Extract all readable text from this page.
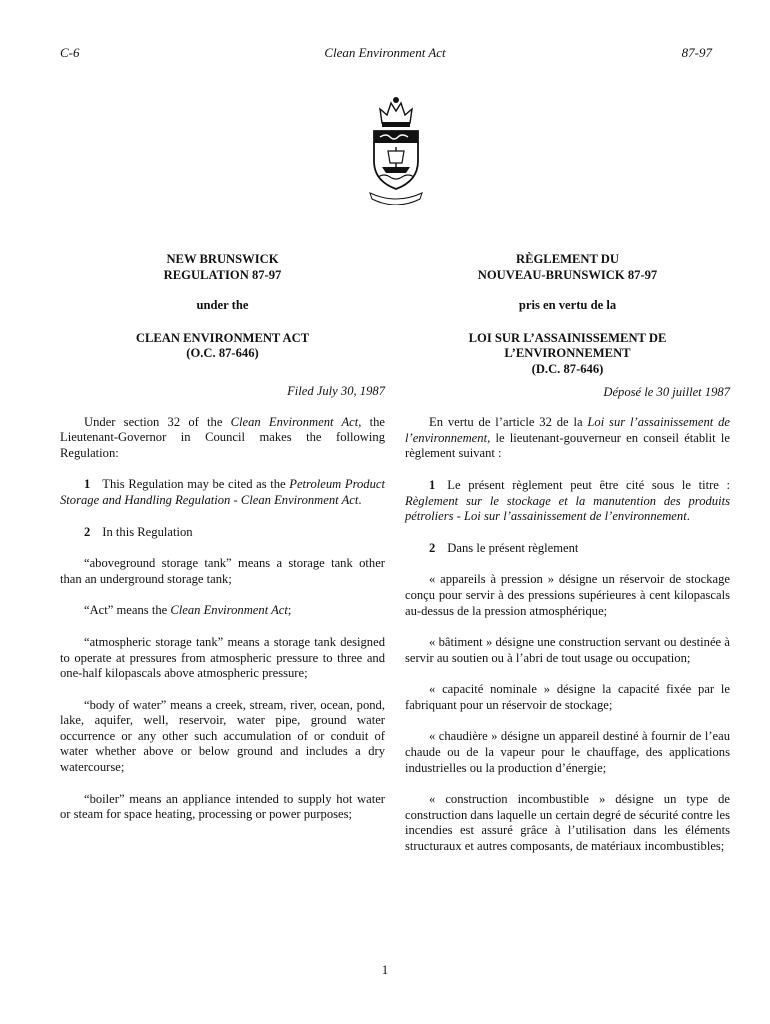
C-6	Clean Environment Act	87-97
NEW BRUNSWICK
REGULATION 87-97
under the
CLEAN ENVIRONMENT ACT
(O.C. 87-646)
Filed July 30, 1987

Under section 32 of the Clean Environment Act, the Lieutenant-Governor in Council makes the following Regulation:

1 This Regulation may be cited as the Petroleum Product Storage and Handling Regulation - Clean Environment Act.

2 In this Regulation

“aboveground storage tank” means a storage tank other than an underground storage tank;

“Act” means the Clean Environment Act;

“atmospheric storage tank” means a storage tank designed to operate at pressures from atmospheric pressure to three and one-half kilopascals above atmospheric pressure;

“body of water” means a creek, stream, river, ocean, pond, lake, aquifer, well, reservoir, water pipe, ground water occurrence or any other such accumulation of or conduit of water whether above or below ground and includes a dry watercourse;

“boiler” means an appliance intended to supply hot water or steam for space heating, processing or power purposes;

RÈGLEMENT DU
NOUVEAU-BRUNSWICK 87-97
pris en vertu de la
LOI SUR L’ASSAINISSEMENT DE
L’ENVIRONNEMENT
(D.C. 87-646)
Déposé le 30 juillet 1987

En vertu de l’article 32 de la Loi sur l’assainissement de l’environnement, le lieutenant-gouverneur en conseil établit le règlement suivant :

1 Le présent règlement peut être cité sous le titre : Règlement sur le stockage et la manutention des produits pétroliers - Loi sur l’assainissement de l’environnement.

2 Dans le présent règlement

« appareils à pression » désigne un réservoir de stockage conçu pour servir à des pressions supérieures à cent kilopascals au-dessus de la pression atmosphérique;

« bâtiment » désigne une construction servant ou destinée à servir au soutien ou à l’abri de tout usage ou occupation;

« capacité nominale » désigne la capacité fixée par le fabriquant pour un réservoir de stockage;

« chaudière » désigne un appareil destiné à fournir de l’eau chaude ou de la vapeur pour le chauffage, des applications industrielles ou la production d’énergie;

« construction incombustible » désigne un type de construction dans laquelle un certain degré de sécurité contre les incendies est assuré grâce à l’utilisation dans les éléments structuraux et autres composants, de matériaux incombustibles;

1
